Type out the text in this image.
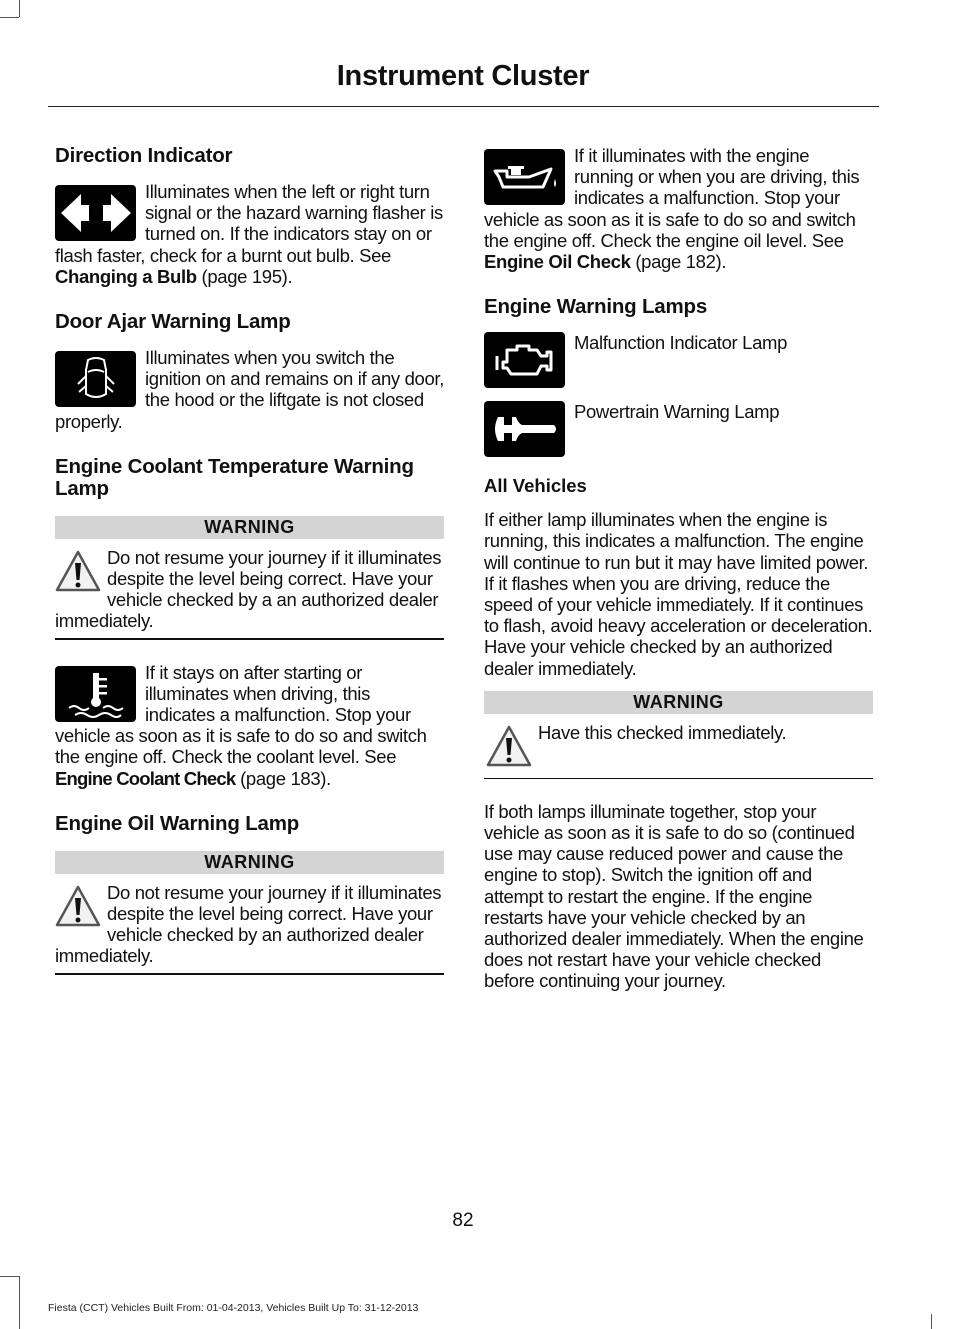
Instrument Cluster
Direction Indicator

Illuminates when the left or right turn signal or the hazard warning flasher is turned on. If the indicators stay on or flash faster, check for a burnt out bulb. See Changing a Bulb (page 195).

Door Ajar Warning Lamp

Illuminates when you switch the ignition on and remains on if any door, the hood or the liftgate is not closed properly.

Engine Coolant Temperature Warning Lamp
WARNING

Do not resume your journey if it illuminates despite the level being correct. Have your vehicle checked by a an authorized dealer immediately.

If it stays on after starting or illuminates when driving, this indicates a malfunction. Stop your vehicle as soon as it is safe to do so and switch the engine off. Check the coolant level. See Engine Coolant Check (page 183).

Engine Oil Warning Lamp
WARNING

Do not resume your journey if it illuminates despite the level being correct. Have your vehicle checked by an authorized dealer immediately.

If it illuminates with the engine running or when you are driving, this indicates a malfunction. Stop your vehicle as soon as it is safe to do so and switch the engine off. Check the engine oil level. See Engine Oil Check (page 182).

Engine Warning Lamps

Malfunction Indicator Lamp

Powertrain Warning Lamp

All Vehicles

If either lamp illuminates when the engine is running, this indicates a malfunction. The engine will continue to run but it may have limited power. If it flashes when you are driving, reduce the speed of your vehicle immediately. If it continues to flash, avoid heavy acceleration or deceleration. Have your vehicle checked by an authorized dealer immediately.

WARNING

Have this checked immediately.

If both lamps illuminate together, stop your vehicle as soon as it is safe to do so (continued use may cause reduced power and cause the engine to stop). Switch the ignition off and attempt to restart the engine. If the engine restarts have your vehicle checked by an authorized dealer immediately. When the engine does not restart have your vehicle checked before continuing your journey.

82
Fiesta (CCT) Vehicles Built From: 01-04-2013, Vehicles Built Up To: 31-12-2013
